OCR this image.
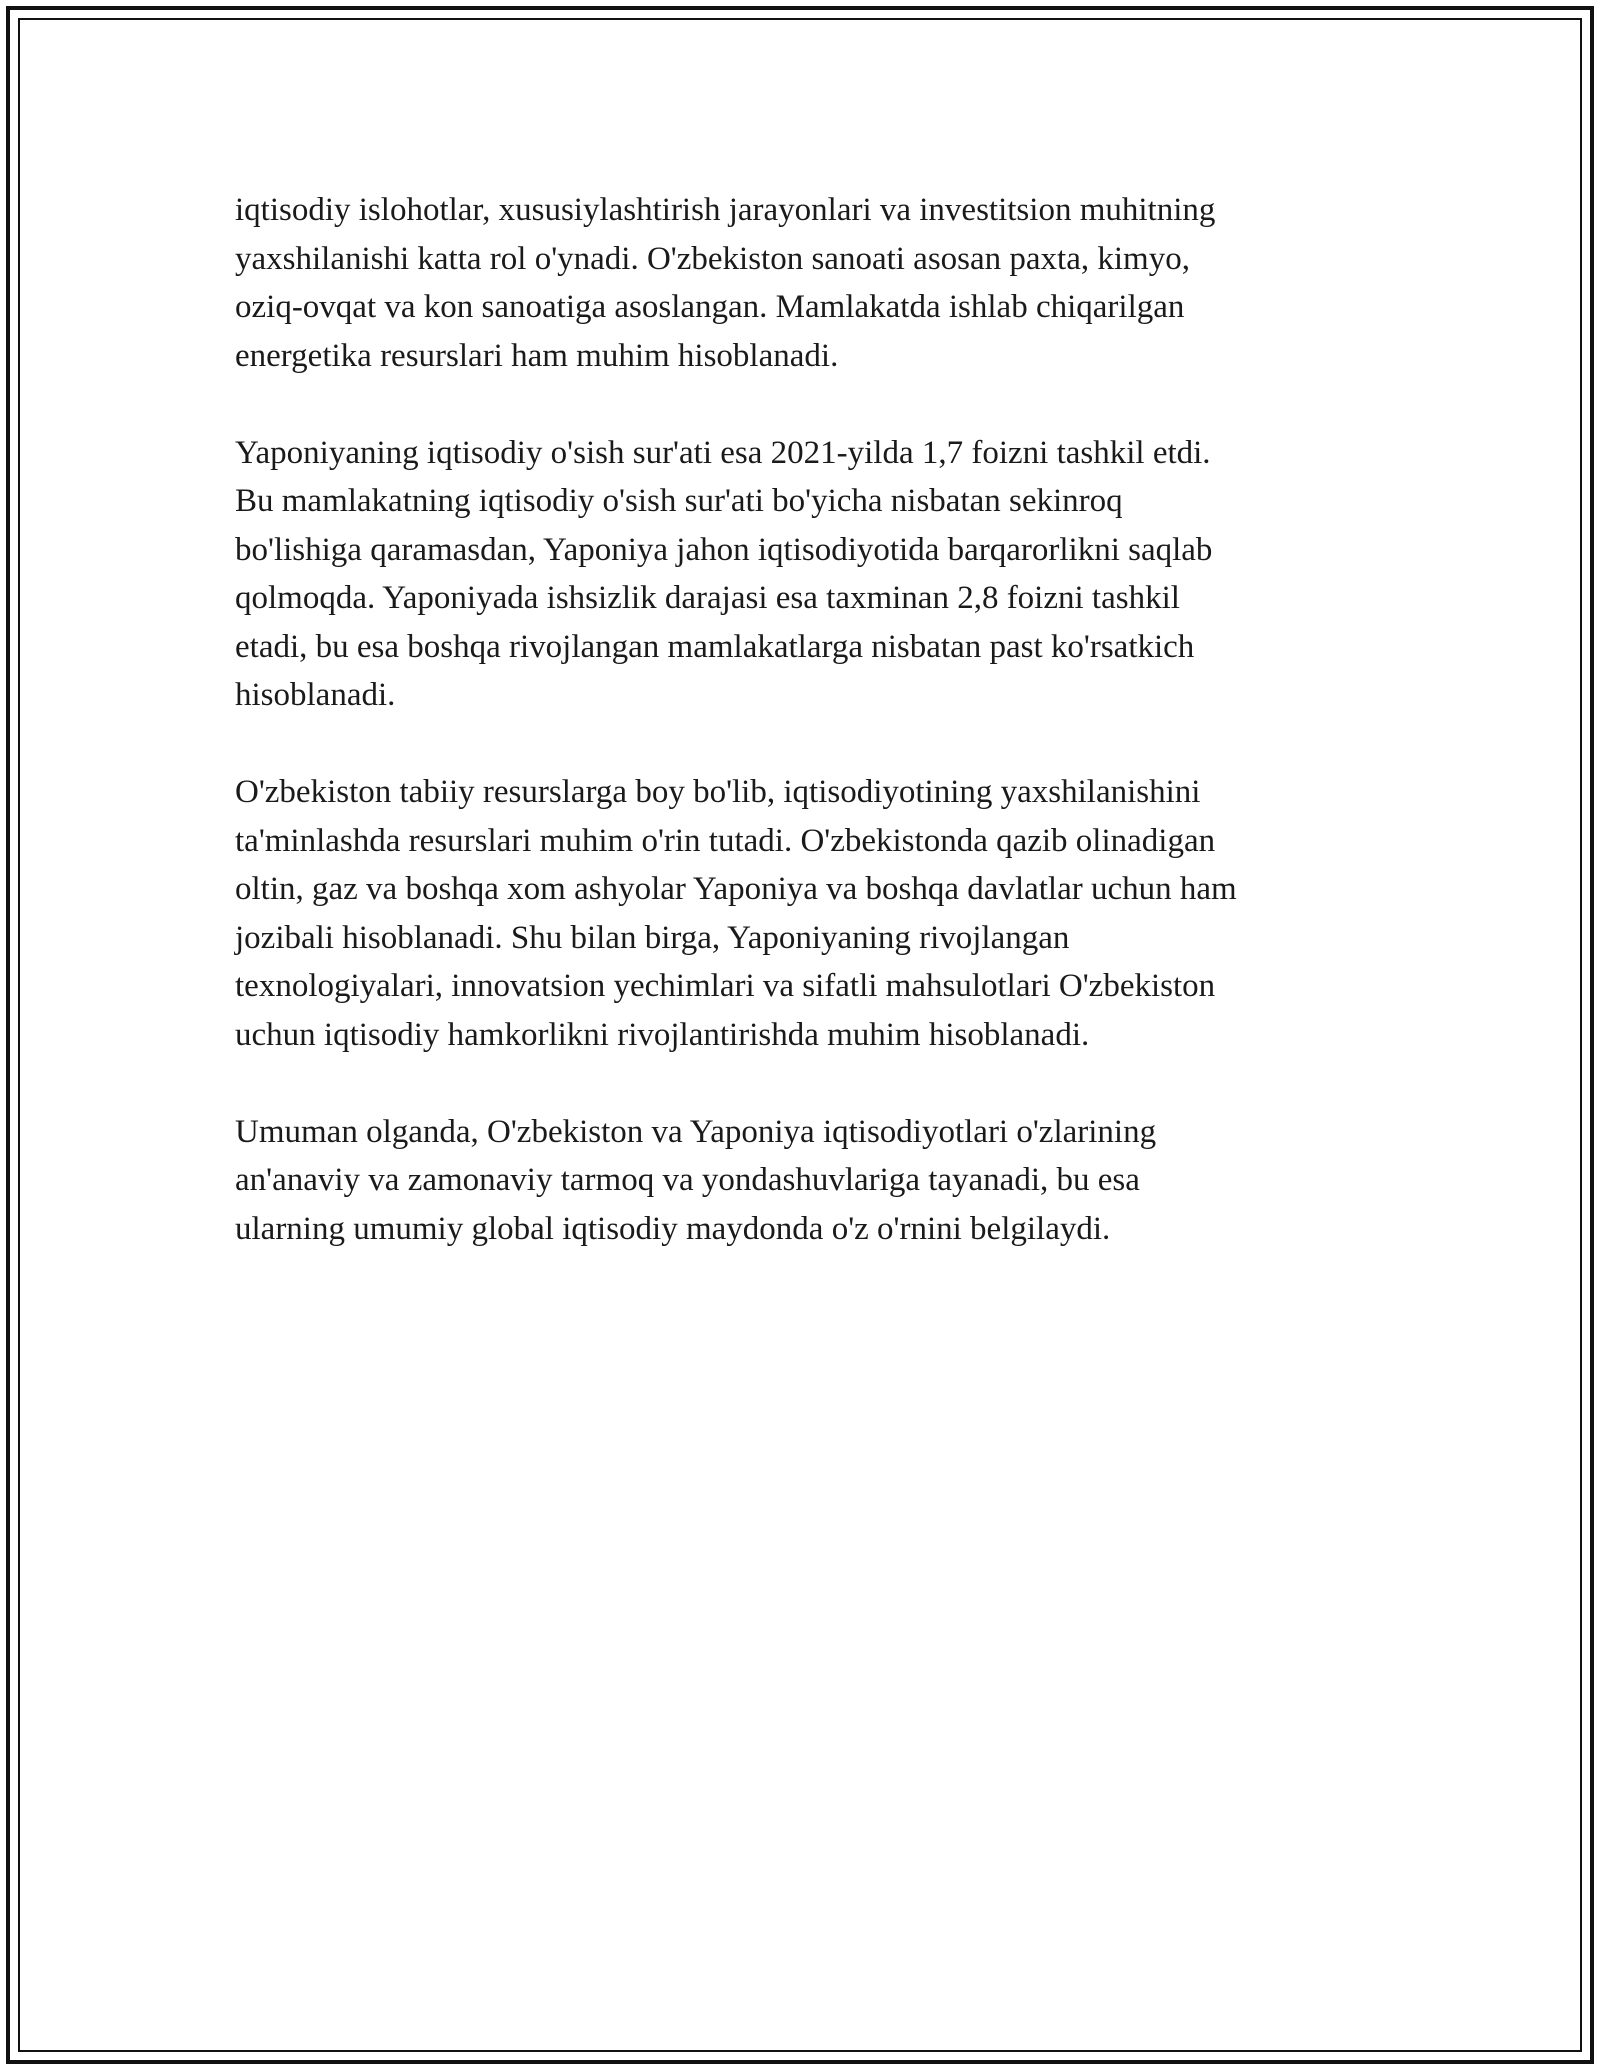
iqtisodiy islohotlar, xususiylashtirish jarayonlari va investitsion muhitning
yaxshilanishi katta rol o'ynadi. O'zbekiston sanoati asosan paxta, kimyo,
oziq-ovqat va kon sanoatiga asoslangan. Mamlakatda ishlab chiqarilgan
energetika resurslari ham muhim hisoblanadi.

Yaponiyaning iqtisodiy o'sish sur'ati esa 2021-yilda 1,7 foizni tashkil etdi.
Bu mamlakatning iqtisodiy o'sish sur'ati bo'yicha nisbatan sekinroq
bo'lishiga qaramasdan, Yaponiya jahon iqtisodiyotida barqarorlikni saqlab
qolmoqda. Yaponiyada ishsizlik darajasi esa taxminan 2,8 foizni tashkil
etadi, bu esa boshqa rivojlangan mamlakatlarga nisbatan past ko'rsatkich
hisoblanadi.

O'zbekiston tabiiy resurslarga boy bo'lib, iqtisodiyotining yaxshilanishini
ta'minlashda resurslari muhim o'rin tutadi. O'zbekistonda qazib olinadigan
oltin, gaz va boshqa xom ashyolar Yaponiya va boshqa davlatlar uchun ham
jozibali hisoblanadi. Shu bilan birga, Yaponiyaning rivojlangan
texnologiyalari, innovatsion yechimlari va sifatli mahsulotlari O'zbekiston
uchun iqtisodiy hamkorlikni rivojlantirishda muhim hisoblanadi.

Umuman olganda, O'zbekiston va Yaponiya iqtisodiyotlari o'zlarining
an'anaviy va zamonaviy tarmoq va yondashuvlariga tayanadi, bu esa
ularning umumiy global iqtisodiy maydonda o'z o'rnini belgilaydi.
